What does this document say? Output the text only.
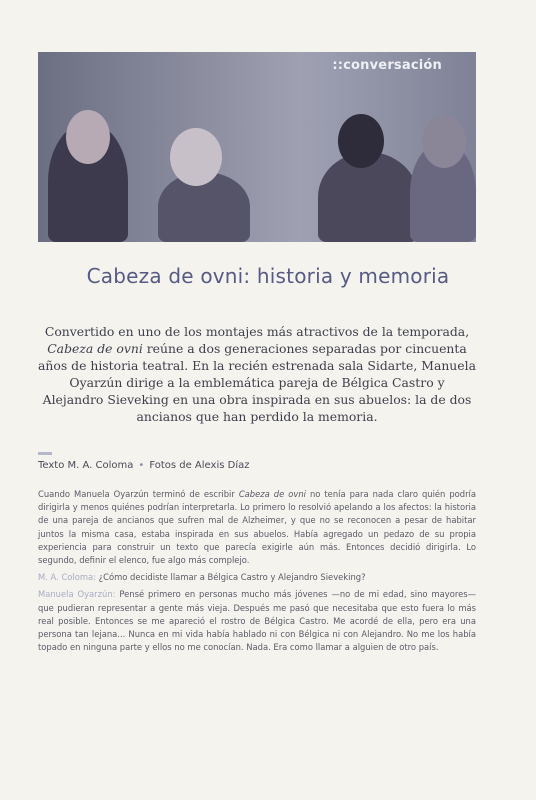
::conversación
Cabeza de ovni: historia y memoria
Convertido en uno de los montajes más atractivos de la temporada, Cabeza de ovni reúne a dos generaciones separadas por cincuenta años de historia teatral. En la recién estrenada sala Sidarte, Manuela Oyarzún dirige a la emblemática pareja de Bélgica Castro y Alejandro Sieveking en una obra inspirada en sus abuelos: la de dos ancianos que han perdido la memoria.
Texto M. A. Coloma • Fotos de Alexis Díaz

Cuando Manuela Oyarzún terminó de escribir Cabeza de ovni no tenía para nada claro quién podría dirigirla y menos quiénes podrían interpretarla. Lo primero lo resolvió apelando a los afectos: la historia de una pareja de ancianos que sufren mal de Alzheimer, y que no se reconocen a pesar de habitar juntos la misma casa, estaba inspirada en sus abuelos. Había agregado un pedazo de su propia experiencia para construir un texto que parecía exigirle aún más. Entonces decidió dirigirla. Lo segundo, definir el elenco, fue algo más complejo.

M. A. Coloma: ¿Cómo decidiste llamar a Bélgica Castro y Alejandro Sieveking?

Manuela Oyarzún: Pensé primero en personas mucho más jóvenes —no de mi edad, sino mayores— que pudieran representar a gente más vieja. Después me pasó que necesitaba que esto fuera lo más real posible. Entonces se me apareció el rostro de Bélgica Castro. Me acordé de ella, pero era una persona tan lejana... Nunca en mi vida había hablado ni con Bélgica ni con Alejandro. No me los había topado en ninguna parte y ellos no me conocían. Nada. Era como llamar a alguien de otro país.
